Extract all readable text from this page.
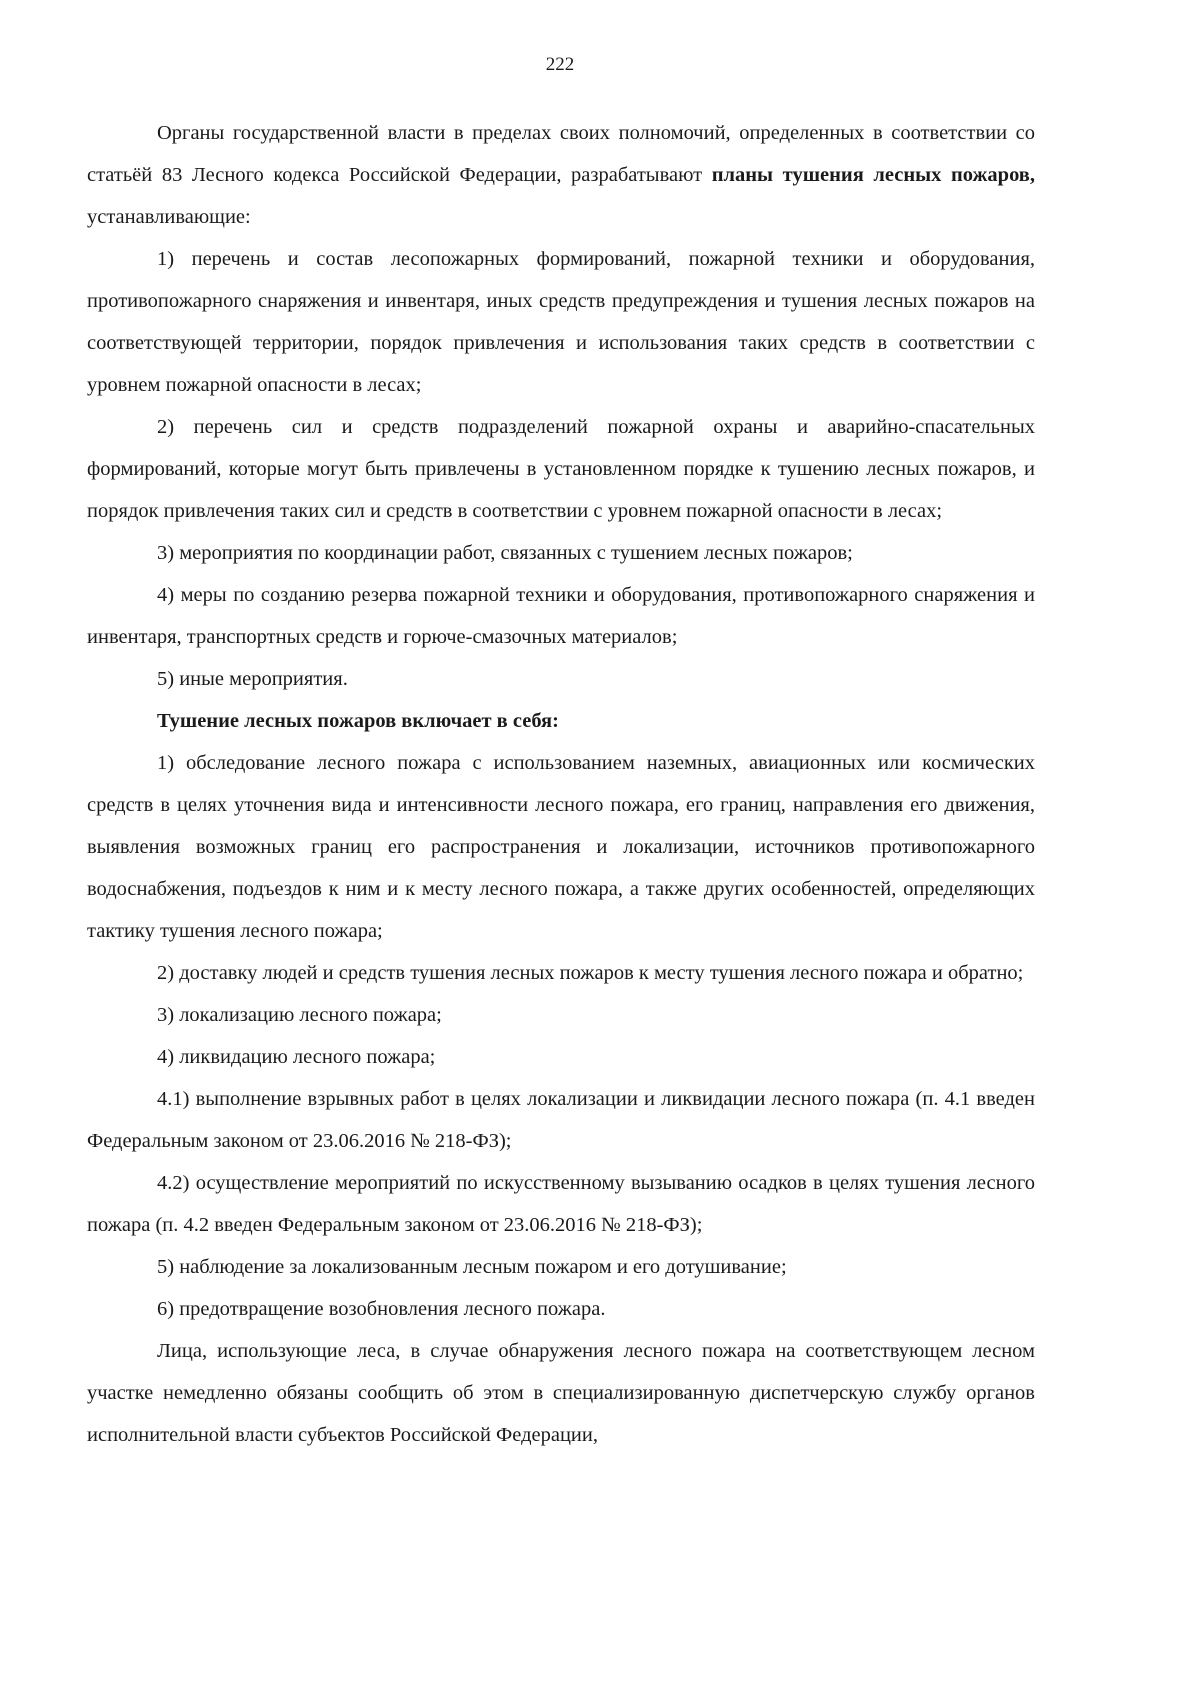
222

Органы государственной власти в пределах своих полномочий, определенных в соответствии со статьёй 83 Лесного кодекса Российской Федерации, разрабатывают планы тушения лесных пожаров, устанавливающие:

1) перечень и состав лесопожарных формирований, пожарной техники и оборудования, противопожарного снаряжения и инвентаря, иных средств предупреждения и тушения лесных пожаров на соответствующей территории, порядок привлечения и использования таких средств в соответствии с уровнем пожарной опасности в лесах;

2) перечень сил и средств подразделений пожарной охраны и аварийно-спасательных формирований, которые могут быть привлечены в установленном порядке к тушению лесных пожаров, и порядок привлечения таких сил и средств в соответствии с уровнем пожарной опасности в лесах;

3) мероприятия по координации работ, связанных с тушением лесных пожаров;

4) меры по созданию резерва пожарной техники и оборудования, противопожарного снаряжения и инвентаря, транспортных средств и горюче-смазочных материалов;

5) иные мероприятия.

Тушение лесных пожаров включает в себя:

1) обследование лесного пожара с использованием наземных, авиационных или космических средств в целях уточнения вида и интенсивности лесного пожара, его границ, направления его движения, выявления возможных границ его распространения и локализации, источников противопожарного водоснабжения, подъездов к ним и к месту лесного пожара, а также других особенностей, определяющих тактику тушения лесного пожара;

2) доставку людей и средств тушения лесных пожаров к месту тушения лесного пожара и обратно;

3) локализацию лесного пожара;

4) ликвидацию лесного пожара;

4.1) выполнение взрывных работ в целях локализации и ликвидации лесного пожара (п. 4.1 введен Федеральным законом от 23.06.2016 № 218-ФЗ);

4.2) осуществление мероприятий по искусственному вызыванию осадков в целях тушения лесного пожара (п. 4.2 введен Федеральным законом от 23.06.2016 № 218-ФЗ);

5) наблюдение за локализованным лесным пожаром и его дотушивание;

6) предотвращение возобновления лесного пожара.

Лица, использующие леса, в случае обнаружения лесного пожара на соответствующем лесном участке немедленно обязаны сообщить об этом в специализированную диспетчерскую службу органов исполнительной власти субъектов Российской Федерации,
